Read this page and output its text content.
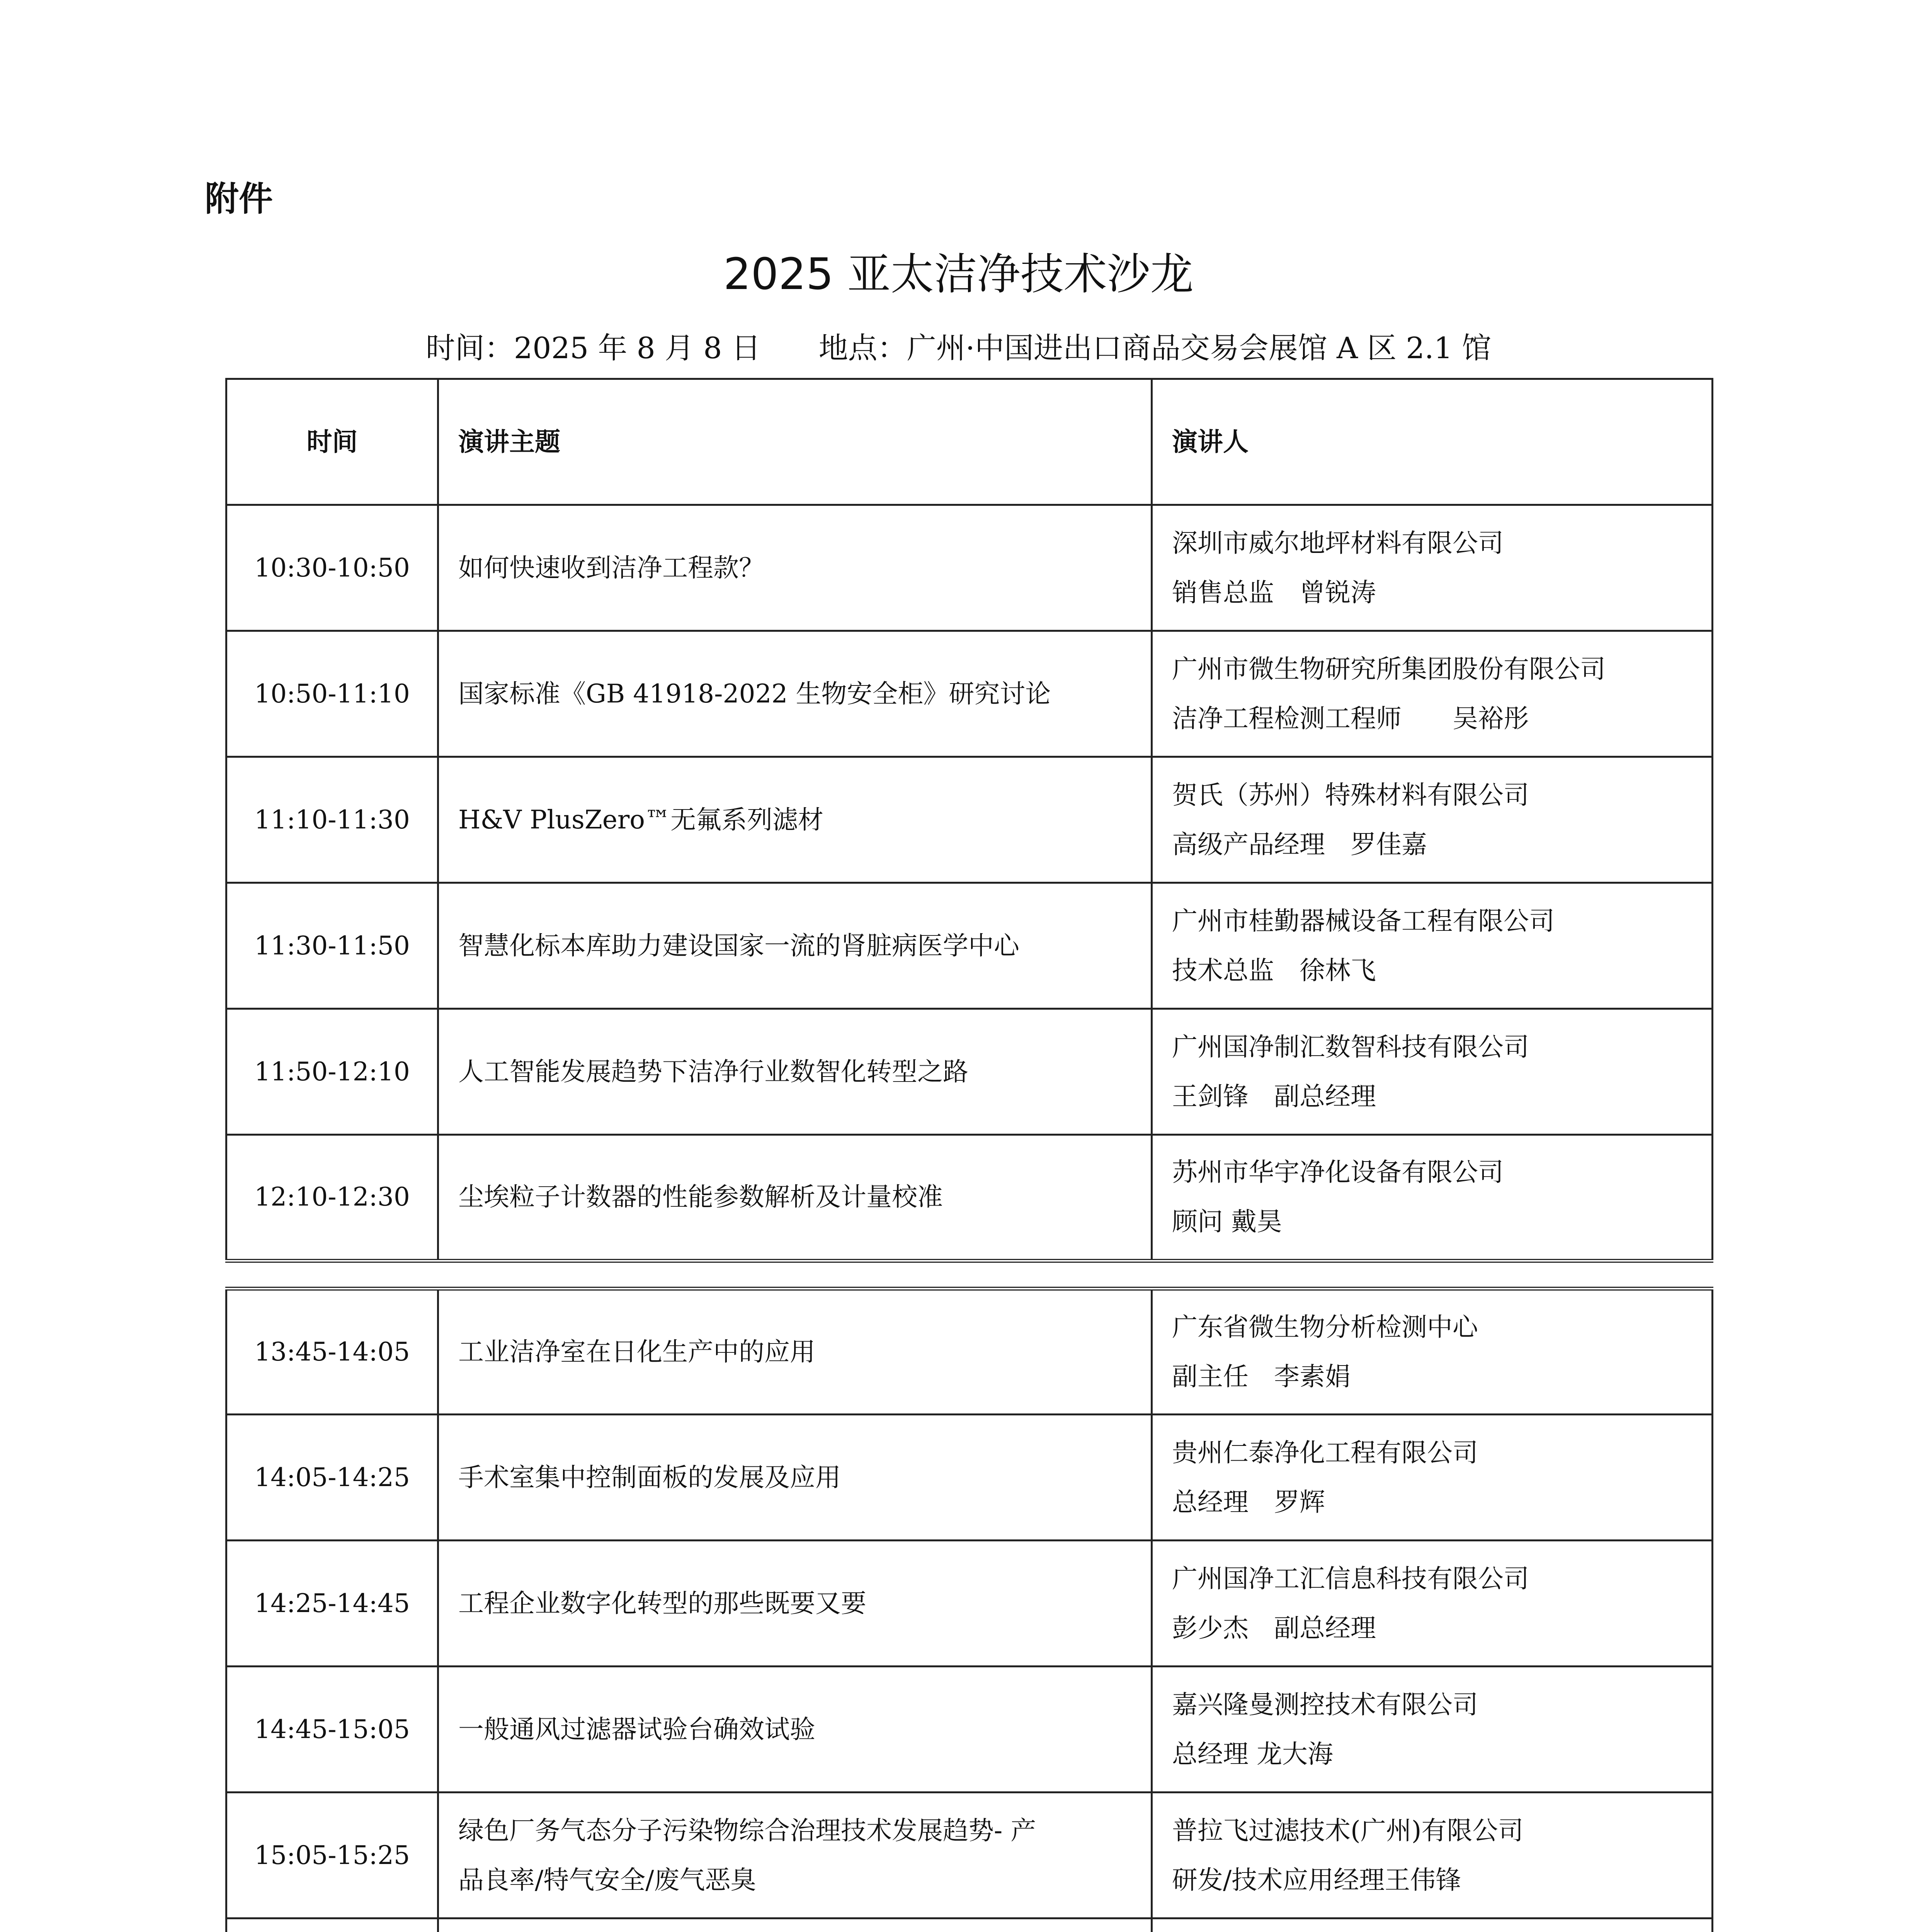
附件
2025 亚太洁净技术沙龙
时间：2025 年 8 月 8 日 地点：广州·中国进出口商品交易会展馆 A 区 2.1 馆
时间	演讲主题	演讲人
10:30-10:50	如何快速收到洁净工程款？	深圳市威尔地坪材料有限公司
销售总监　曾锐涛

10:50-11:10	国家标准《GB 41918-2022 生物安全柜》研究讨论	广州市微生物研究所集团股份有限公司
洁净工程检测工程师　　吴裕彤

11:10-11:30	H&V PlusZero™无氟系列滤材	贺氏（苏州）特殊材料有限公司
高级产品经理　罗佳嘉

11:30-11:50	智慧化标本库助力建设国家一流的肾脏病医学中心	广州市桂勤器械设备工程有限公司
技术总监　徐林飞

11:50-12:10	人工智能发展趋势下洁净行业数智化转型之路	广州国净制汇数智科技有限公司
王剑锋　副总经理

12:10-12:30	尘埃粒子计数器的性能参数解析及计量校准	苏州市华宇净化设备有限公司
顾问 戴昊

13:45-14:05	工业洁净室在日化生产中的应用	广东省微生物分析检测中心
副主任　李素娟

14:05-14:25	手术室集中控制面板的发展及应用	贵州仁泰净化工程有限公司
总经理　罗辉

14:25-14:45	工程企业数字化转型的那些既要又要	广州国净工汇信息科技有限公司
彭少杰　副总经理

14:45-15:05	一般通风过滤器试验台确效试验	嘉兴隆曼测控技术有限公司
总经理 龙大海

15:05-15:25	绿色厂务气态分子污染物综合治理技术发展趋势- 产
品良率/特气安全/废气恶臭	普拉飞过滤技术(广州)有限公司
研发/技术应用经理王伟锋
